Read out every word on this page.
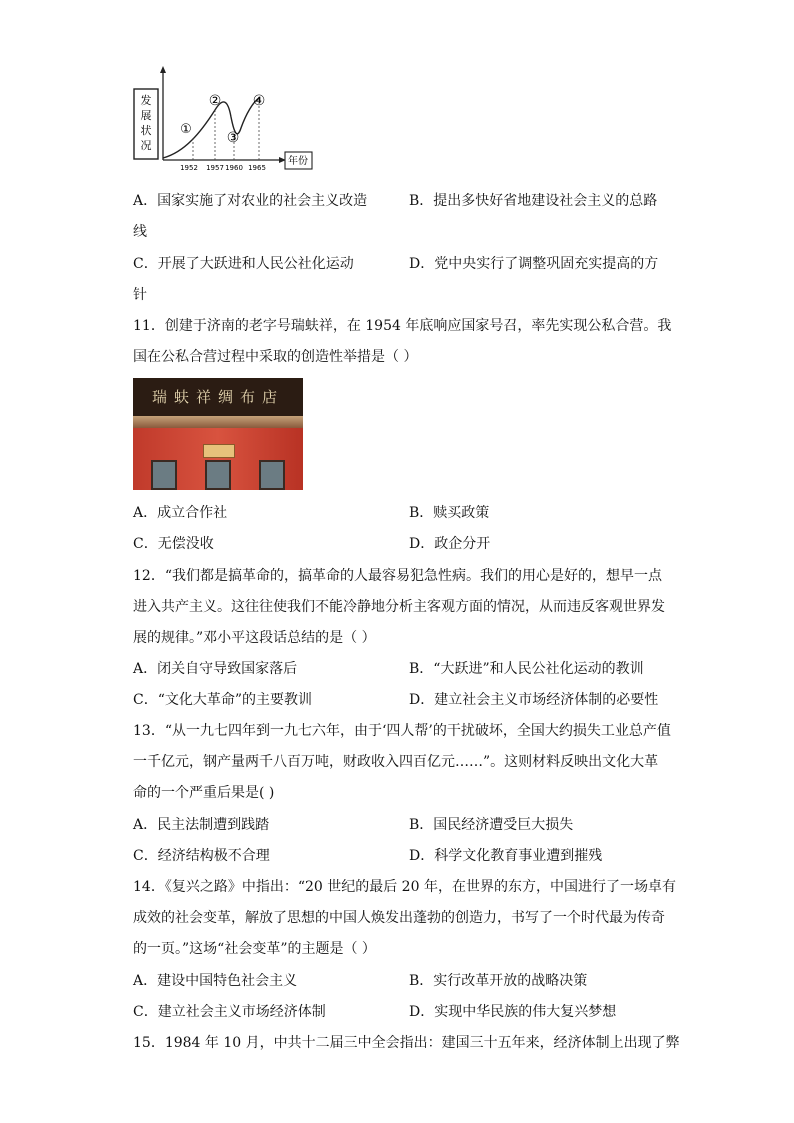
发
展
状
况
①
②
③
④
1952 1957 1960 1965
年份
A．国家实施了对农业的社会主义改造	B．提出多快好省地建设社会主义的总路
线
C．开展了大跃进和人民公社化运动	D．党中央实行了调整巩固充实提高的方
针
11．创建于济南的老字号瑞蚨祥，在 1954 年底响应国家号召，率先实现公私合营。我
国在公私合营过程中采取的创造性举措是（ ）
瑞蚨祥绸布店
A．成立合作社	B．赎买政策
C．无偿没收	D．政企分开
12．“我们都是搞革命的，搞革命的人最容易犯急性病。我们的用心是好的，想早一点
进入共产主义。这往往使我们不能冷静地分析主客观方面的情况，从而违反客观世界发
展的规律。”邓小平这段话总结的是（ ）
A．闭关自守导致国家落后	B．“大跃进”和人民公社化运动的教训
C．“文化大革命”的主要教训	D．建立社会主义市场经济体制的必要性
13．“从一九七四年到一九七六年，由于‘四人帮’的干扰破坏，全国大约损失工业总产值
一千亿元，钢产量两千八百万吨，财政收入四百亿元……”。这则材料反映出文化大革
命的一个严重后果是( )
A．民主法制遭到践踏	B．国民经济遭受巨大损失
C．经济结构极不合理	D．科学文化教育事业遭到摧残
14．《复兴之路》中指出：“20 世纪的最后 20 年，在世界的东方，中国进行了一场卓有
成效的社会变革，解放了思想的中国人焕发出蓬勃的创造力，书写了一个时代最为传奇
的一页。”这场“社会变革”的主题是（ ）
A．建设中国特色社会主义	B．实行改革开放的战略决策
C．建立社会主义市场经济体制	D．实现中华民族的伟大复兴梦想
15．1984 年 10 月，中共十二届三中全会指出：建国三十五年来，经济体制上出现了弊
